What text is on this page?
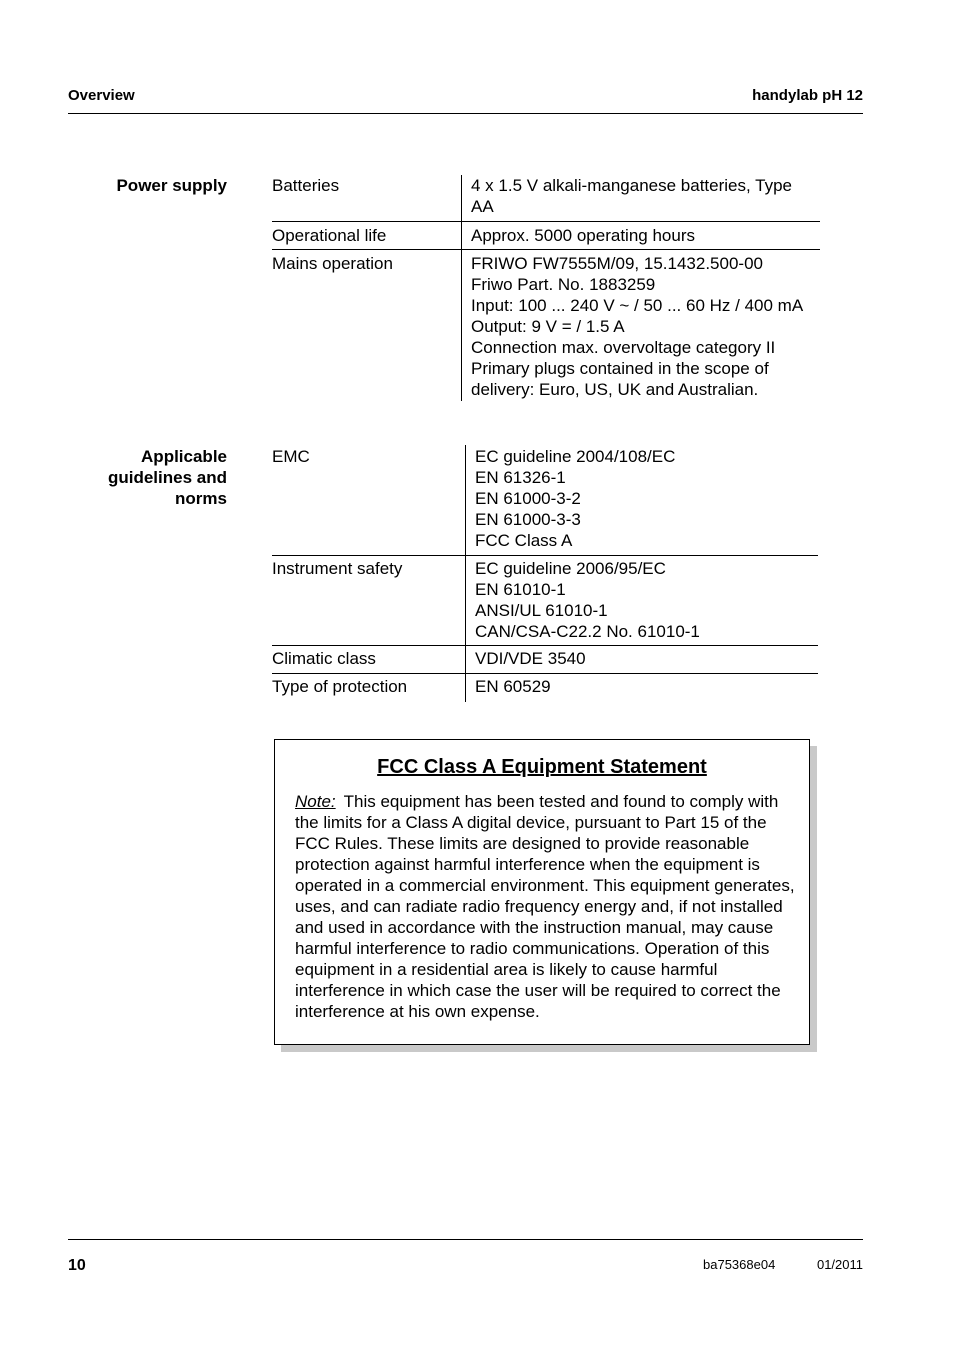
Overview	handylab pH 12
Power supply	Batteries	4 x 1.5 V alkali-manganese batteries, Type
AA
Operational life	Approx. 5000 operating hours
Mains operation	FRIWO FW7555M/09, 15.1432.500-00
Friwo Part. No. 1883259
Input: 100 ... 240 V ~ / 50 ... 60 Hz / 400 mA
Output: 9 V = / 1.5 A
Connection max. overvoltage category II
Primary plugs contained in the scope of
delivery: Euro, US, UK and Australian.
Applicable
guidelines and
norms
EMC	EC guideline 2004/108/EC
EN 61326-1
EN 61000-3-2
EN 61000-3-3
FCC Class A
Instrument safety	EC guideline 2006/95/EC
EN 61010-1
ANSI/UL 61010-1
CAN/CSA-C22.2 No. 61010-1
Climatic class	VDI/VDE 3540
Type of protection	EN 60529
FCC Class A Equipment Statement
Note: This equipment has been tested and found to comply with the limits for a Class A digital device, pursuant to Part 15 of the FCC Rules. These limits are designed to provide reasonable protection against harmful interference when the equipment is operated in a commercial environment. This equipment generates, uses, and can radiate radio frequency energy and, if not installed and used in accordance with the instruction manual, may cause harmful interference to radio communications. Operation of this equipment in a residential area is likely to cause harmful interference in which case the user will be required to correct the interference at his own expense.
10	ba75368e04	01/2011
